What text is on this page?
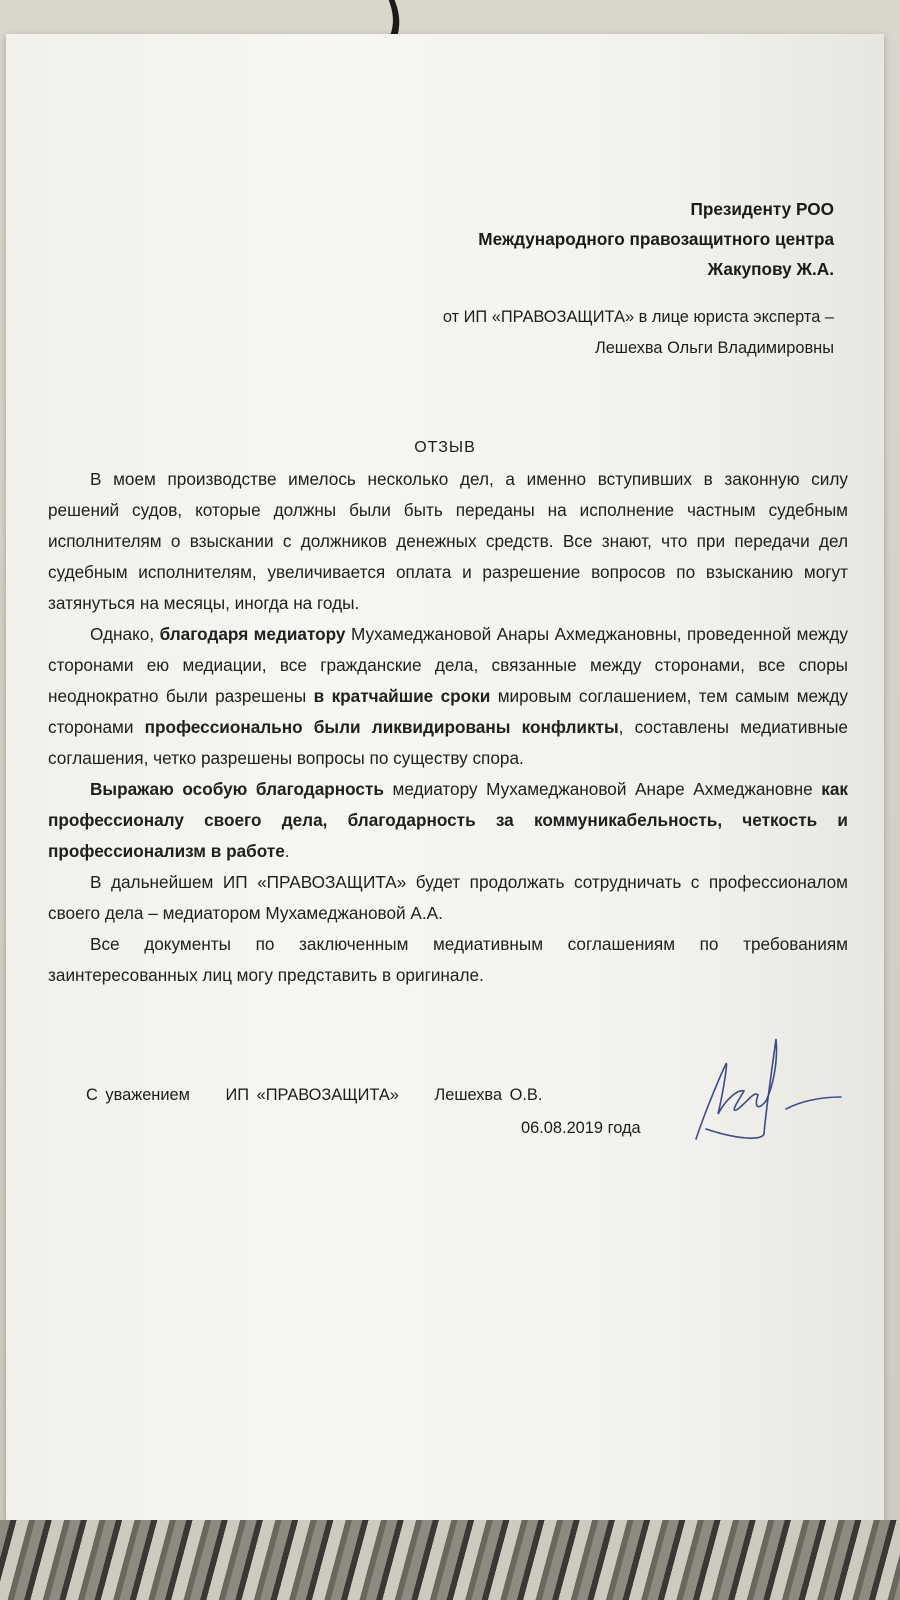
Президенту РОО
Международного правозащитного центра
Жакупову Ж.А.
от ИП «ПРАВОЗАЩИТА» в лице юриста эксперта –
Лешехва Ольги Владимировны
ОТЗЫВ

В моем производстве имелось несколько дел, а именно вступивших в законную силу решений судов, которые должны были быть переданы на исполнение частным судебным исполнителям о взыскании с должников денежных средств. Все знают, что при передачи дел судебным исполнителям, увеличивается оплата и разрешение вопросов по взысканию могут затянуться на месяцы, иногда на годы.

Однако, благодаря медиатору Мухамеджановой Анары Ахмеджановны, проведенной между сторонами ею медиации, все гражданские дела, связанные между сторонами, все споры неоднократно были разрешены в кратчайшие сроки мировым соглашением, тем самым между сторонами профессионально были ликвидированы конфликты, составлены медиативные соглашения, четко разрешены вопросы по существу спора.

Выражаю особую благодарность медиатору Мухамеджановой Анаре Ахмеджановне как профессионалу своего дела, благодарность за коммуникабельность, четкость и профессионализм в работе.

В дальнейшем ИП «ПРАВОЗАЩИТА» будет продолжать сотрудничать с профессионалом своего дела – медиатором Мухамеджановой А.А.

Все документы по заключенным медиативным соглашениям по требованиям заинтересованных лиц могу представить в оригинале.

С уважением ИП «ПРАВОЗАЩИТА» Лешехва О.В.
06.08.2019 года
